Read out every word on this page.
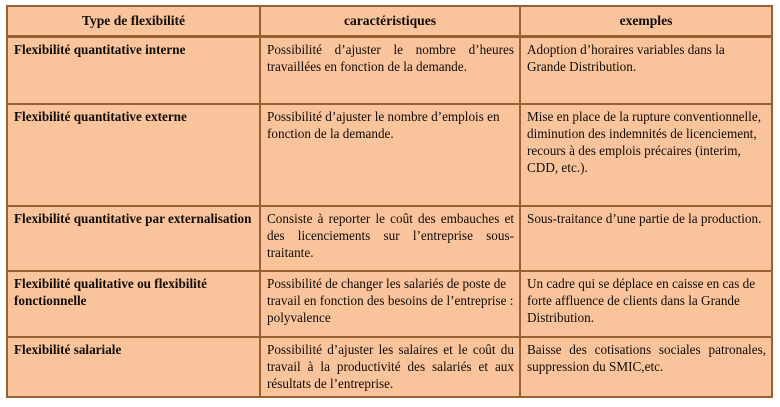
Type de flexibilité	caractéristiques	exemples
Flexibilité quantitative interne	Possibilité d’ajuster le nombre d’heures travaillées en fonction de la demande.	Adoption d’horaires variables dans la Grande Distribution.
Flexibilité quantitative externe	Possibilité d’ajuster le nombre d’emplois en fonction de la demande.	Mise en place de la rupture conventionnelle, diminution des indemnités de licenciement, recours à des emplois précaires (interim, CDD, etc.).
Flexibilité quantitative par externalisation	Consiste à reporter le coût des embauches et des licenciements sur l’entreprise sous-traitante.	Sous-traitance d’une partie de la production.
Flexibilité qualitative ou flexibilité fonctionnelle	Possibilité de changer les salariés de poste de travail en fonction des besoins de l’entreprise : polyvalence	Un cadre qui se déplace en caisse en cas de forte affluence de clients dans la Grande Distribution.
Flexibilité salariale	Possibilité d’ajuster les salaires et le coût du travail à la productivité des salariés et aux résultats de l’entreprise.	Baisse des cotisations sociales patronales, suppression du SMIC,etc.
